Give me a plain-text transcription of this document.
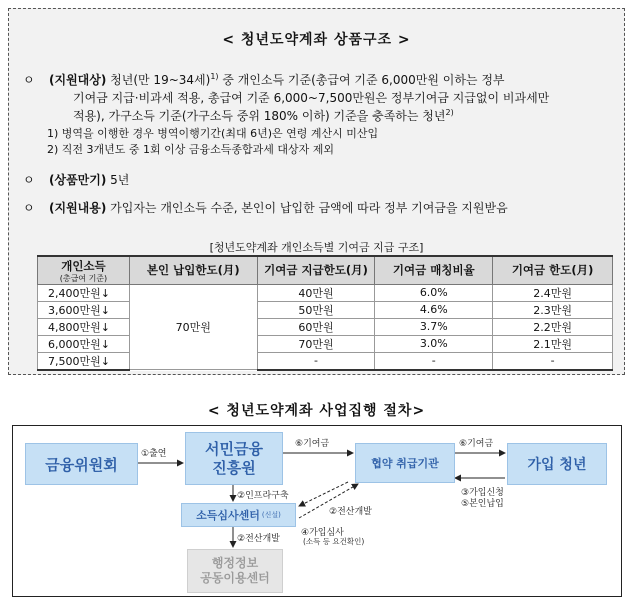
< 청년도약계좌 상품구조 >
ㅇ (지원대상) 청년(만 19~34세)$^{1)}$ 중 개인소득 기준(총급여 기준 6,000만원 이하는 정부
기여금 지급·비과세 적용, 총급여 기준 6,000~7,500만원은 정부기여금 지급없이 비과세만
적용), 가구소득 기준(가구소득 중위 180% 이하) 기준을 충족하는 청년$^{2)}$
1) 병역을 이행한 경우 병역이행기간(최대 6년)은 연령 계산시 미산입
2) 직전 3개년도 중 1회 이상 금융소득종합과세 대상자 제외
ㅇ (상품만기) 5년
ㅇ (지원내용) 가입자는 개인소득 수준, 본인이 납입한 금액에 따라 정부 기여금을 지원받음
[청년도약계좌 개인소득별 기여금 지급 구조]
개인소득
(총급여 기준)	본인 납입한도(月)	기여금 지급한도(月)	기여금 매칭비율	기여금 한도(月)
2,400만원↓	70만원	40만원	6.0%	2.4만원
3,600만원↓		50만원	4.6%	2.3만원
4,800만원↓		60만원	3.7%	2.2만원
6,000만원↓		70만원	3.0%	2.1만원
7,500만원↓		-	-	-
< 청년도약계좌 사업집행 절차>
금융위원회
서민금융
진흥원	협약 취급기관	가입 청년
소득심사센터 (신설)
행정정보
공동이용센터
①출연
⑥기여금	⑥기여금
③가입신청
⑤본인납입
②인프라구축
②전산개발
②전산개발
④가입심사
(소득 등 요건확인)
